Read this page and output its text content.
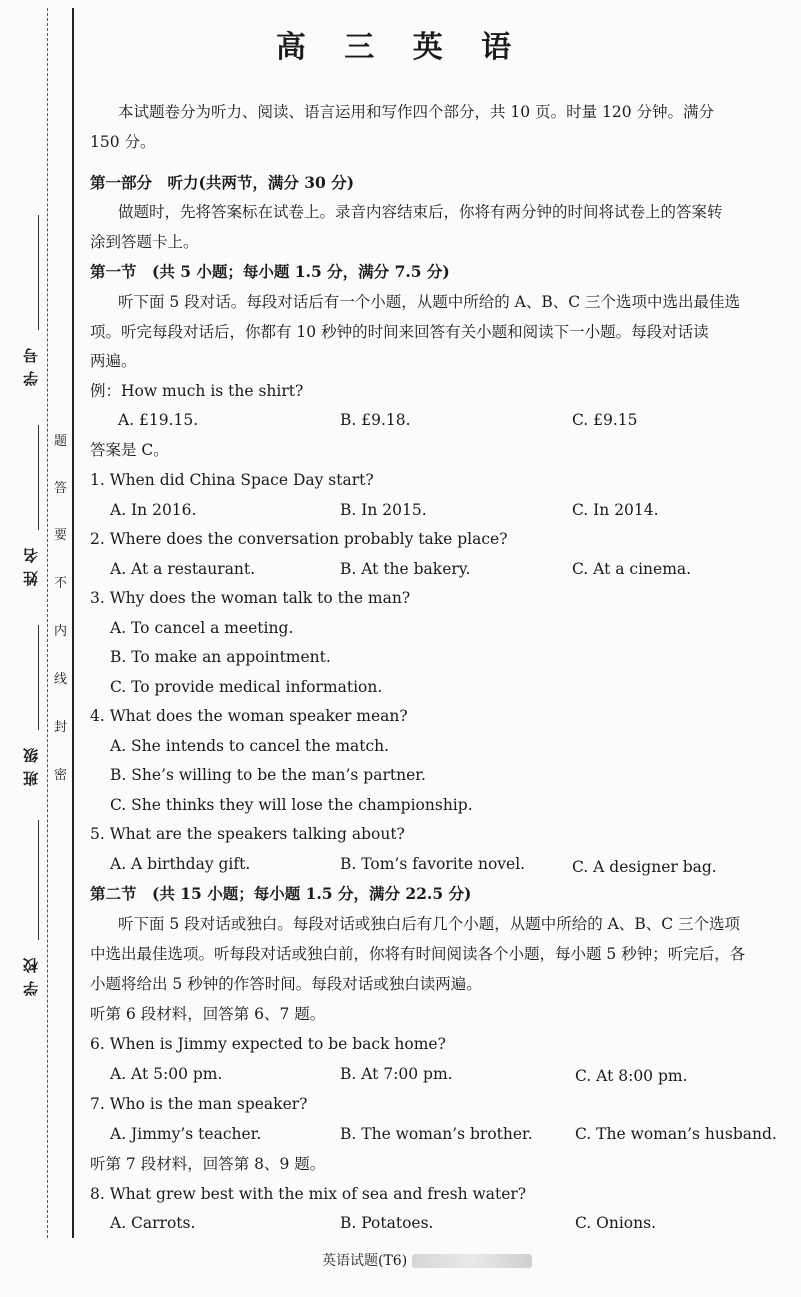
学号
姓名
班级
学校
题
答
要
不
内
线
封
密
高 三 英 语
本试题卷分为听力、阅读、语言运用和写作四个部分，共 10 页。时量 120 分钟。满分
150 分。
第一部分　听力(共两节，满分 30 分)
做题时，先将答案标在试卷上。录音内容结束后，你将有两分钟的时间将试卷上的答案转
涂到答题卡上。
第一节　(共 5 小题；每小题 1.5 分，满分 7.5 分)
听下面 5 段对话。每段对话后有一个小题，从题中所给的 A、B、C 三个选项中选出最佳选
项。听完每段对话后，你都有 10 秒钟的时间来回答有关小题和阅读下一小题。每段对话读
两遍。
例：How much is the shirt?
A. £19.15.	B. £9.18.	C. £9.15
答案是 C。
1. When did China Space Day start?
A. In 2016.	B. In 2015.	C. In 2014.
2. Where does the conversation probably take place?
A. At a restaurant.	B. At the bakery.	C. At a cinema.
3. Why does the woman talk to the man?
A. To cancel a meeting.
B. To make an appointment.
C. To provide medical information.
4. What does the woman speaker mean?
A. She intends to cancel the match.
B. She’s willing to be the man’s partner.
C. She thinks they will lose the championship.
5. What are the speakers talking about?
A. A birthday gift.	B. Tom’s favorite novel.	C. A designer bag.
第二节　(共 15 小题；每小题 1.5 分，满分 22.5 分)
听下面 5 段对话或独白。每段对话或独白后有几个小题，从题中所给的 A、B、C 三个选项
中选出最佳选项。听每段对话或独白前，你将有时间阅读各个小题，每小题 5 秒钟；听完后，各
小题将给出 5 秒钟的作答时间。每段对话或独白读两遍。
听第 6 段材料，回答第 6、7 题。
6. When is Jimmy expected to be back home?
A. At 5:00 pm.	B. At 7:00 pm.	C. At 8:00 pm.
7. Who is the man speaker?
A. Jimmy’s teacher.	B. The woman’s brother.	C. The woman’s husband.
听第 7 段材料，回答第 8、9 题。
8. What grew best with the mix of sea and fresh water?
A. Carrots.	B. Potatoes.	C. Onions.
英语试题(T6)
